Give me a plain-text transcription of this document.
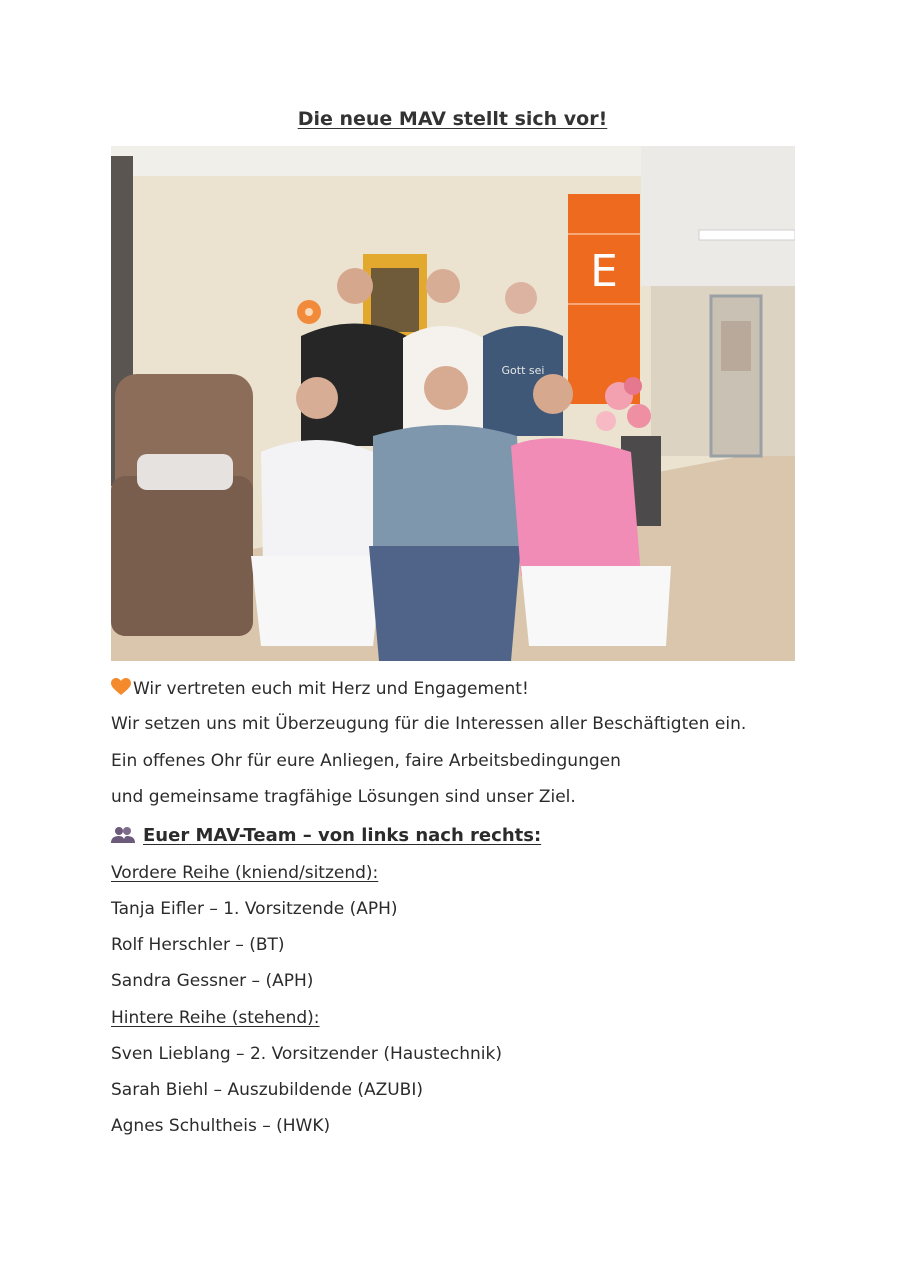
Die neue MAV stellt sich vor!
E
Gott sei
Wir vertreten euch mit Herz und Engagement!
Wir setzen uns mit Überzeugung für die Interessen aller Beschäftigten ein.
Ein offenes Ohr für eure Anliegen, faire Arbeitsbedingungen
und gemeinsame tragfähige Lösungen sind unser Ziel.
Euer MAV-Team – von links nach rechts:
Vordere Reihe (kniend/sitzend):
Tanja Eifler – 1. Vorsitzende (APH)
Rolf Herschler – (BT)
Sandra Gessner – (APH)
Hintere Reihe (stehend):
Sven Lieblang – 2. Vorsitzender (Haustechnik)
Sarah Biehl – Auszubildende (AZUBI)
Agnes Schultheis – (HWK)
